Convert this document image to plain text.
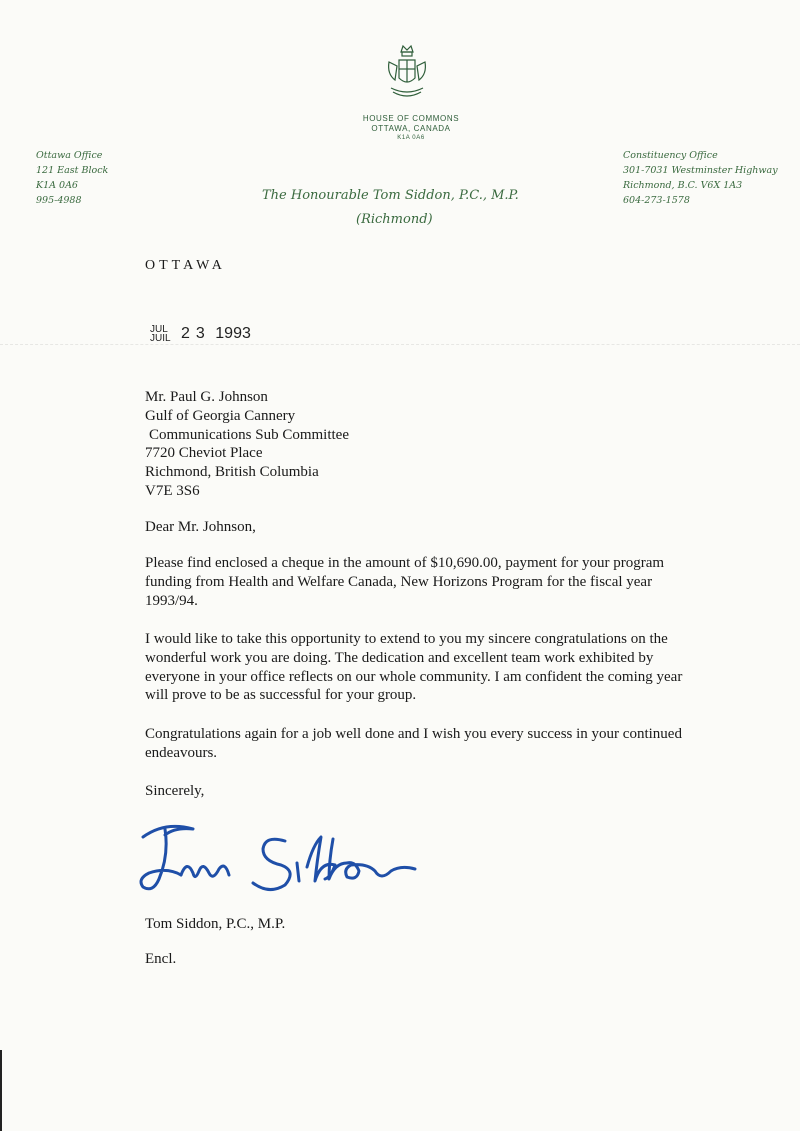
HOUSE OF COMMONS
OTTAWA, CANADA
K1A 0A6
Ottawa Office
121 East Block
K1A 0A6
995-4988
Constituency Office
301-7031 Westminster Highway
Richmond, B.C. V6X 1A3
604-273-1578
The Honourable Tom Siddon, P.C., M.P.
(Richmond)
OTTAWA
JUL
JUIL 23 1993
Mr. Paul G. Johnson
Gulf of Georgia Cannery
Communications Sub Committee
7720 Cheviot Place
Richmond, British Columbia
V7E 3S6
Dear Mr. Johnson,
Please find enclosed a cheque in the amount of $10,690.00, payment for your program funding from Health and Welfare Canada, New Horizons Program for the fiscal year 1993/94.
I would like to take this opportunity to extend to you my sincere congratulations on the wonderful work you are doing. The dedication and excellent team work exhibited by everyone in your office reflects on our whole community. I am confident the coming year will prove to be as successful for your group.
Congratulations again for a job well done and I wish you every success in your continued endeavours.
Sincerely,
Tom Siddon, P.C., M.P.
Encl.
